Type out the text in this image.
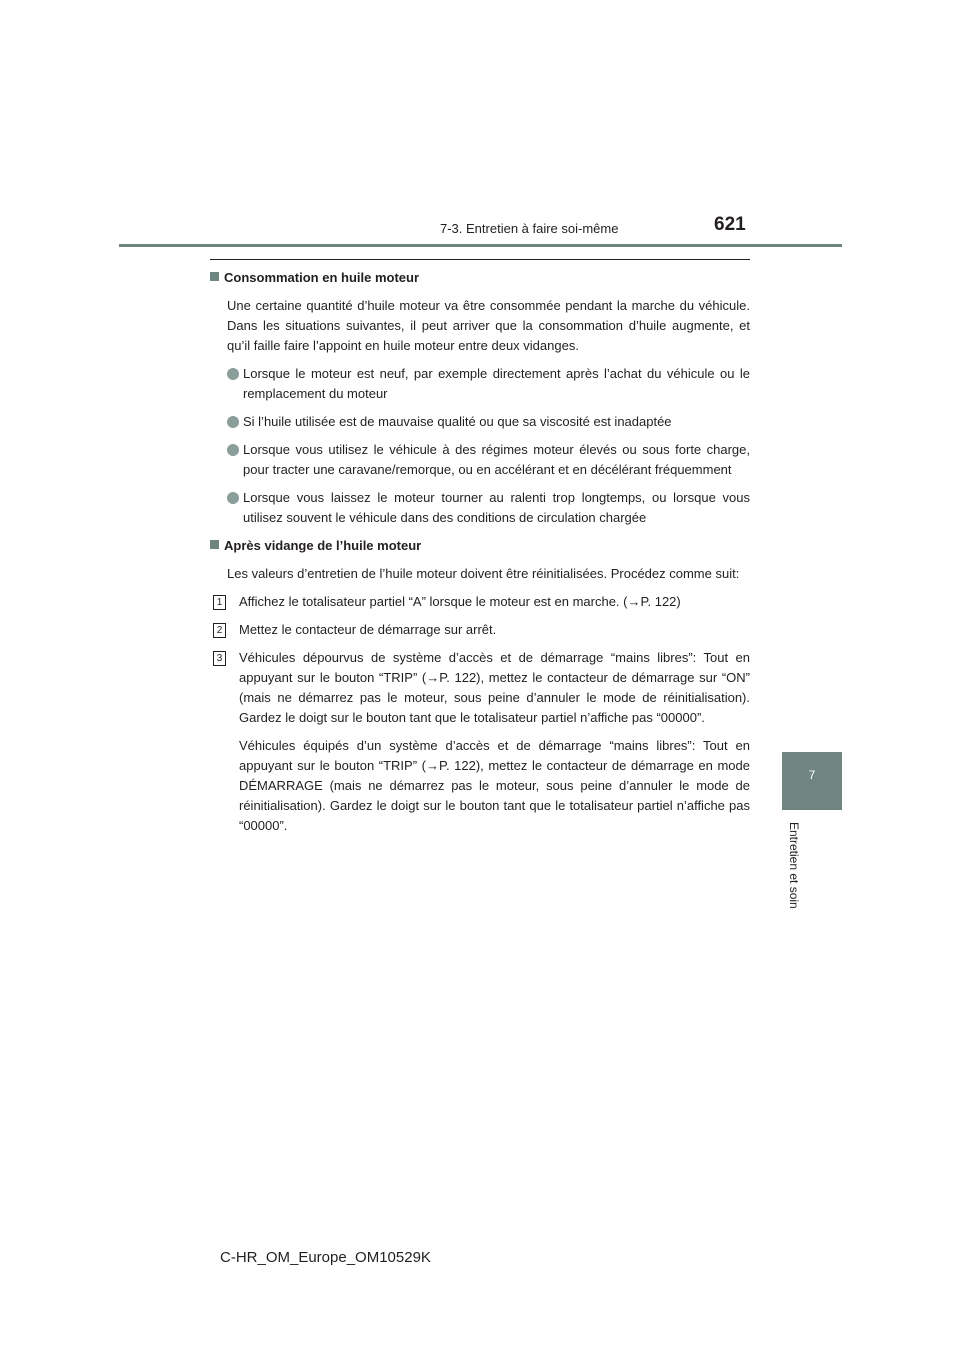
7-3. Entretien à faire soi-même	621
7
Entretien et soin
Consommation en huile moteur

Une certaine quantité d’huile moteur va être consommée pendant la marche du véhicule. Dans les situations suivantes, il peut arriver que la consommation d’huile augmente, et qu’il faille faire l’appoint en huile moteur entre deux vidanges.

Lorsque le moteur est neuf, par exemple directement après l’achat du véhicule ou le remplacement du moteur
Si l’huile utilisée est de mauvaise qualité ou que sa viscosité est inadaptée
Lorsque vous utilisez le véhicule à des régimes moteur élevés ou sous forte charge, pour tracter une caravane/remorque, ou en accélérant et en décélérant fréquemment
Lorsque vous laissez le moteur tourner au ralenti trop longtemps, ou lorsque vous utilisez souvent le véhicule dans des conditions de circulation chargée
Après vidange de l’huile moteur

Les valeurs d’entretien de l’huile moteur doivent être réinitialisées. Procédez comme suit:

1 Affichez le totalisateur partiel “A” lorsque le moteur est en marche. (→P. 122)

2 Mettez le contacteur de démarrage sur arrêt.

3 Véhicules dépourvus de système d’accès et de démarrage “mains libres”: Tout en appuyant sur le bouton “TRIP” (→P. 122), mettez le contacteur de démarrage sur “ON” (mais ne démarrez pas le moteur, sous peine d’annuler le mode de réinitialisation). Gardez le doigt sur le bouton tant que le totalisateur partiel n’affiche pas “00000”.

Véhicules équipés d’un système d’accès et de démarrage “mains libres”: Tout en appuyant sur le bouton “TRIP” (→P. 122), mettez le contacteur de démarrage en mode DÉMARRAGE (mais ne démarrez pas le moteur, sous peine d’annuler le mode de réinitialisation). Gardez le doigt sur le bouton tant que le totalisateur partiel n’affiche pas “00000”.

C-HR_OM_Europe_OM10529K
